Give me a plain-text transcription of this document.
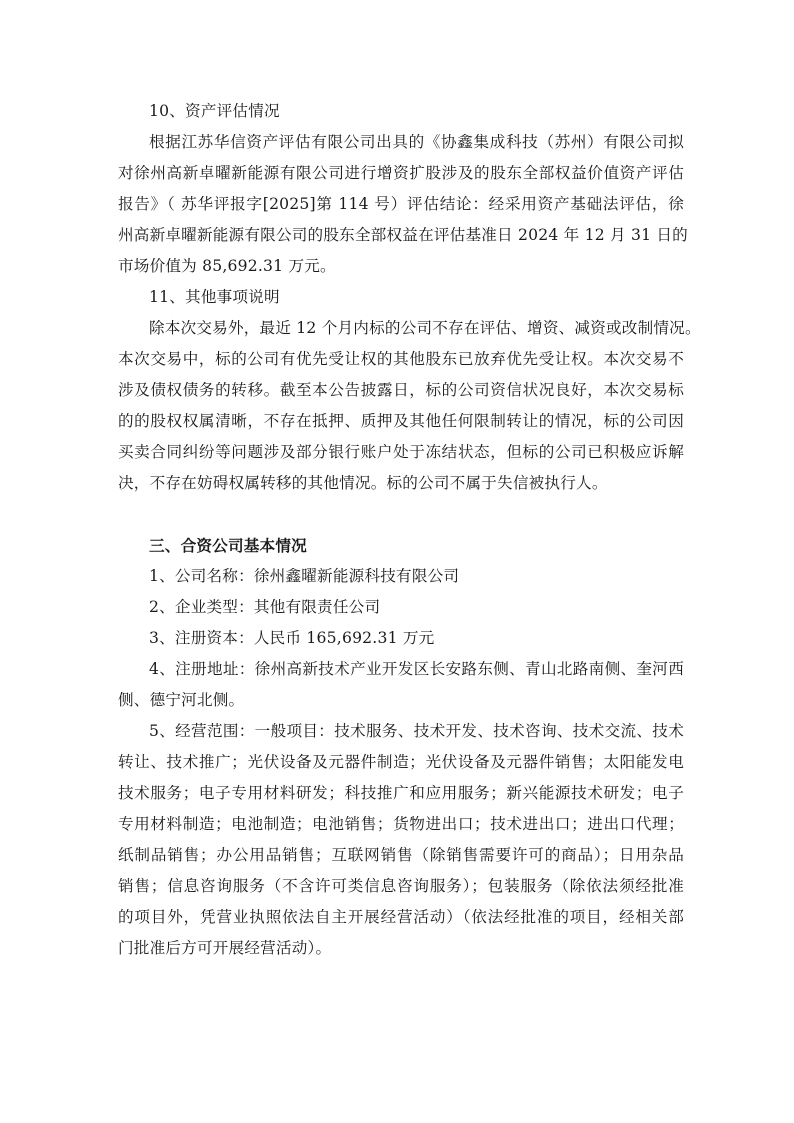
10、资产评估情况

根据江苏华信资产评估有限公司出具的《协鑫集成科技（苏州）有限公司拟

对徐州高新卓曜新能源有限公司进行增资扩股涉及的股东全部权益价值资产评估

报告》（ 苏华评报字[2025]第 114 号）评估结论：经采用资产基础法评估，徐

州高新卓曜新能源有限公司的股东全部权益在评估基准日 2024 年 12 月 31 日的

市场价值为 85,692.31 万元。

11、其他事项说明

除本次交易外，最近 12 个月内标的公司不存在评估、增资、减资或改制情况。

本次交易中，标的公司有优先受让权的其他股东已放弃优先受让权。本次交易不

涉及债权债务的转移。截至本公告披露日，标的公司资信状况良好，本次交易标

的的股权权属清晰，不存在抵押、质押及其他任何限制转让的情况，标的公司因

买卖合同纠纷等问题涉及部分银行账户处于冻结状态，但标的公司已积极应诉解

决，不存在妨碍权属转移的其他情况。标的公司不属于失信被执行人。

三、合资公司基本情况

1、公司名称：徐州鑫曜新能源科技有限公司

2、企业类型：其他有限责任公司

3、注册资本：人民币 165,692.31 万元

4、注册地址：徐州高新技术产业开发区长安路东侧、青山北路南侧、奎河西

侧、德宁河北侧。

5、经营范围：一般项目：技术服务、技术开发、技术咨询、技术交流、技术

转让、技术推广；光伏设备及元器件制造；光伏设备及元器件销售；太阳能发电

技术服务；电子专用材料研发；科技推广和应用服务；新兴能源技术研发；电子

专用材料制造；电池制造；电池销售；货物进出口；技术进出口；进出口代理；

纸制品销售；办公用品销售；互联网销售（除销售需要许可的商品）；日用杂品

销售；信息咨询服务（不含许可类信息咨询服务）；包装服务（除依法须经批准

的项目外，凭营业执照依法自主开展经营活动）（依法经批准的项目，经相关部

门批准后方可开展经营活动）。
